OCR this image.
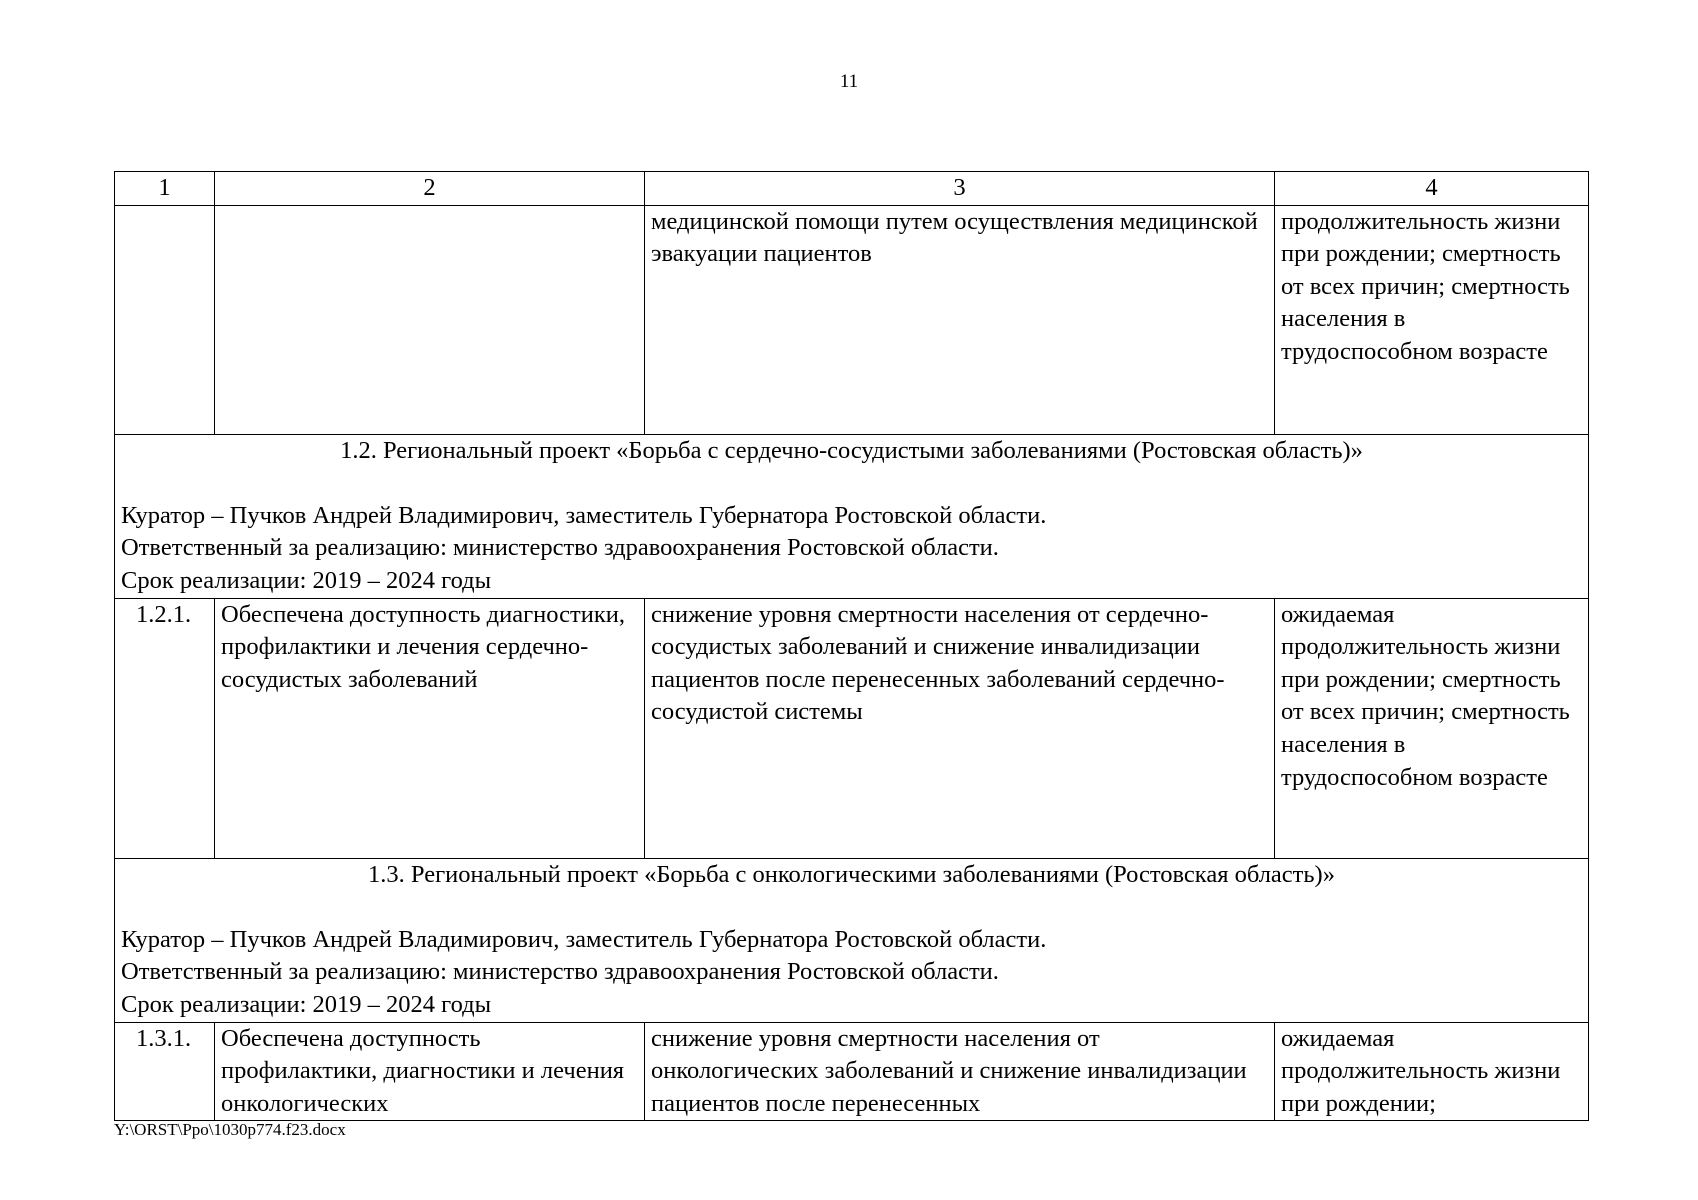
11
1	2	3	4
		медицинской помощи путем осуществления медицинской эвакуации пациентов	продолжительность жизни при рождении; смертность от всех причин; смертность населения в трудоспособном возрасте

1.2. Региональный проект «Борьба с сердечно-сосудистыми заболеваниями (Ростовская область)»
Куратор – Пучков Андрей Владимирович, заместитель Губернатора Ростовской области.
Ответственный за реализацию: министерство здравоохранения Ростовской области.
Срок реализации: 2019 – 2024 годы			

1.2.1.	Обеспечена доступность диагностики, профилактики и лечения сердечно-сосудистых заболеваний	снижение уровня смертности населения от сердечно-сосудистых заболеваний и снижение инвалидизации пациентов после перенесенных заболеваний сердечно-сосудистой системы	ожидаемая продолжительность жизни при рождении; смертность от всех причин; смертность населения в трудоспособном возрасте

1.3. Региональный проект «Борьба с онкологическими заболеваниями (Ростовская область)»
Куратор – Пучков Андрей Владимирович, заместитель Губернатора Ростовской области.
Ответственный за реализацию: министерство здравоохранения Ростовской области.
Срок реализации: 2019 – 2024 годы			

1.3.1.	Обеспечена доступность профилактики, диагностики и лечения онкологических	снижение уровня смертности населения от онкологических заболеваний и снижение инвалидизации пациентов после перенесенных	ожидаемая продолжительность жизни при рождении;
Y:\ORST\Ppo\1030p774.f23.docx
